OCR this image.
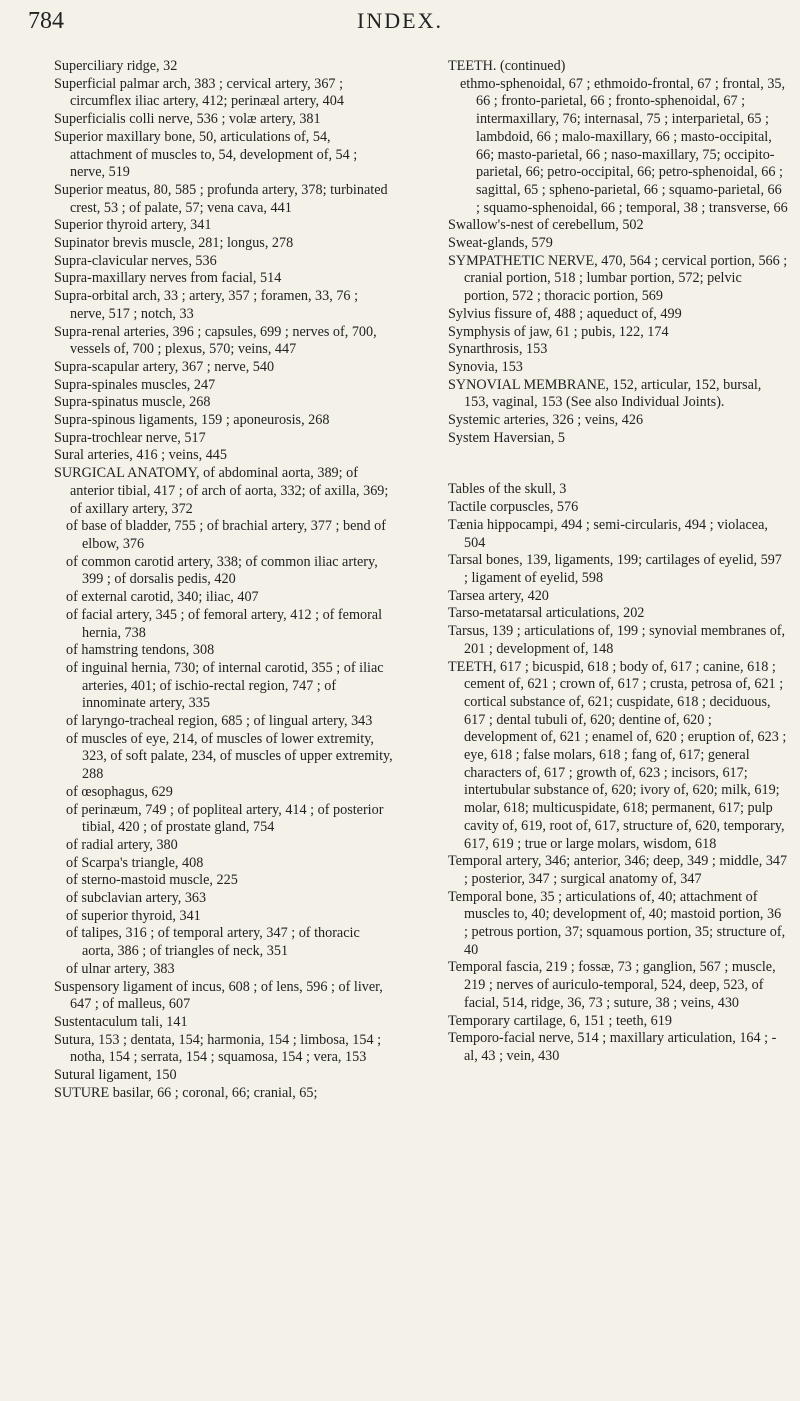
784	INDEX.
Superciliary ridge, 32
Superficial palmar arch, 383 ; cervical artery, 367 ; circumflex iliac artery, 412; perinæal artery, 404
Superficialis colli nerve, 536 ; volæ artery, 381
Superior maxillary bone, 50, articulations of, 54, attachment of muscles to, 54, development of, 54 ; nerve, 519
Superior meatus, 80, 585 ; profunda artery, 378; turbinated crest, 53 ; of palate, 57; vena cava, 441
Superior thyroid artery, 341
Supinator brevis muscle, 281; longus, 278
Supra-clavicular nerves, 536
Supra-maxillary nerves from facial, 514
Supra-orbital arch, 33 ; artery, 357 ; foramen, 33, 76 ; nerve, 517 ; notch, 33
Supra-renal arteries, 396 ; capsules, 699 ; nerves of, 700, vessels of, 700 ; plexus, 570; veins, 447
Supra-scapular artery, 367 ; nerve, 540
Supra-spinales muscles, 247
Supra-spinatus muscle, 268
Supra-spinous ligaments, 159 ; aponeurosis, 268
Supra-trochlear nerve, 517
Sural arteries, 416 ; veins, 445
SURGICAL ANATOMY, of abdominal aorta, 389; of anterior tibial, 417 ; of arch of aorta, 332; of axilla, 369; of axillary artery, 372
of base of bladder, 755 ; of brachial artery, 377 ; bend of elbow, 376
of common carotid artery, 338; of common iliac artery, 399 ; of dorsalis pedis, 420
of external carotid, 340; iliac, 407
of facial artery, 345 ; of femoral artery, 412 ; of femoral hernia, 738
of hamstring tendons, 308
of inguinal hernia, 730; of internal carotid, 355 ; of iliac arteries, 401; of ischio-rectal region, 747 ; of innominate artery, 335
of laryngo-tracheal region, 685 ; of lingual artery, 343
of muscles of eye, 214, of muscles of lower extremity, 323, of soft palate, 234, of muscles of upper extremity, 288
of œsophagus, 629
of perinæum, 749 ; of popliteal artery, 414 ; of posterior tibial, 420 ; of prostate gland, 754
of radial artery, 380
of Scarpa's triangle, 408
of sterno-mastoid muscle, 225
of subclavian artery, 363
of superior thyroid, 341
of talipes, 316 ; of temporal artery, 347 ; of thoracic aorta, 386 ; of triangles of neck, 351
of ulnar artery, 383
Suspensory ligament of incus, 608 ; of lens, 596 ; of liver, 647 ; of malleus, 607
Sustentaculum tali, 141
Sutura, 153 ; dentata, 154; harmonia, 154 ; limbosa, 154 ; notha, 154 ; serrata, 154 ; squamosa, 154 ; vera, 153
Sutural ligament, 150
SUTURE basilar, 66 ; coronal, 66; cranial, 65;
TEETH. (continued)
ethmo-sphenoidal, 67 ; ethmoido-frontal, 67 ; frontal, 35, 66 ; fronto-parietal, 66 ; fronto-sphenoidal, 67 ; intermaxillary, 76; internasal, 75 ; interparietal, 65 ; lambdoid, 66 ; malo-maxillary, 66 ; masto-occipital, 66; masto-parietal, 66 ; naso-maxillary, 75; occipito-parietal, 66; petro-occipital, 66; petro-sphenoidal, 66 ; sagittal, 65 ; spheno-parietal, 66 ; squamo-parietal, 66 ; squamo-sphenoidal, 66 ; temporal, 38 ; transverse, 66
Swallow's-nest of cerebellum, 502
Sweat-glands, 579
SYMPATHETIC NERVE, 470, 564 ; cervical portion, 566 ; cranial portion, 518 ; lumbar portion, 572; pelvic portion, 572 ; thoracic portion, 569
Sylvius fissure of, 488 ; aqueduct of, 499
Symphysis of jaw, 61 ; pubis, 122, 174
Synarthrosis, 153
Synovia, 153
SYNOVIAL MEMBRANE, 152, articular, 152, bursal, 153, vaginal, 153 (See also Individual Joints).
Systemic arteries, 326 ; veins, 426
System Haversian, 5
Tables of the skull, 3
Tactile corpuscles, 576
Tænia hippocampi, 494 ; semi-circularis, 494 ; violacea, 504
Tarsal bones, 139, ligaments, 199; cartilages of eyelid, 597 ; ligament of eyelid, 598
Tarsea artery, 420
Tarso-metatarsal articulations, 202
Tarsus, 139 ; articulations of, 199 ; synovial membranes of, 201 ; development of, 148
TEETH, 617 ; bicuspid, 618 ; body of, 617 ; canine, 618 ; cement of, 621 ; crown of, 617 ; crusta, petrosa of, 621 ; cortical substance of, 621; cuspidate, 618 ; deciduous, 617 ; dental tubuli of, 620; dentine of, 620 ; development of, 621 ; enamel of, 620 ; eruption of, 623 ; eye, 618 ; false molars, 618 ; fang of, 617; general characters of, 617 ; growth of, 623 ; incisors, 617; intertubular substance of, 620; ivory of, 620; milk, 619; molar, 618; multicuspidate, 618; permanent, 617; pulp cavity of, 619, root of, 617, structure of, 620, temporary, 617, 619 ; true or large molars, wisdom, 618
Temporal artery, 346; anterior, 346; deep, 349 ; middle, 347 ; posterior, 347 ; surgical anatomy of, 347
Temporal bone, 35 ; articulations of, 40; attachment of muscles to, 40; development of, 40; mastoid portion, 36 ; petrous portion, 37; squamous portion, 35; structure of, 40
Temporal fascia, 219 ; fossæ, 73 ; ganglion, 567 ; muscle, 219 ; nerves of auriculo-temporal, 524, deep, 523, of facial, 514, ridge, 36, 73 ; suture, 38 ; veins, 430
Temporary cartilage, 6, 151 ; teeth, 619
Temporo-facial nerve, 514 ; maxillary articulation, 164 ; -al, 43 ; vein, 430
